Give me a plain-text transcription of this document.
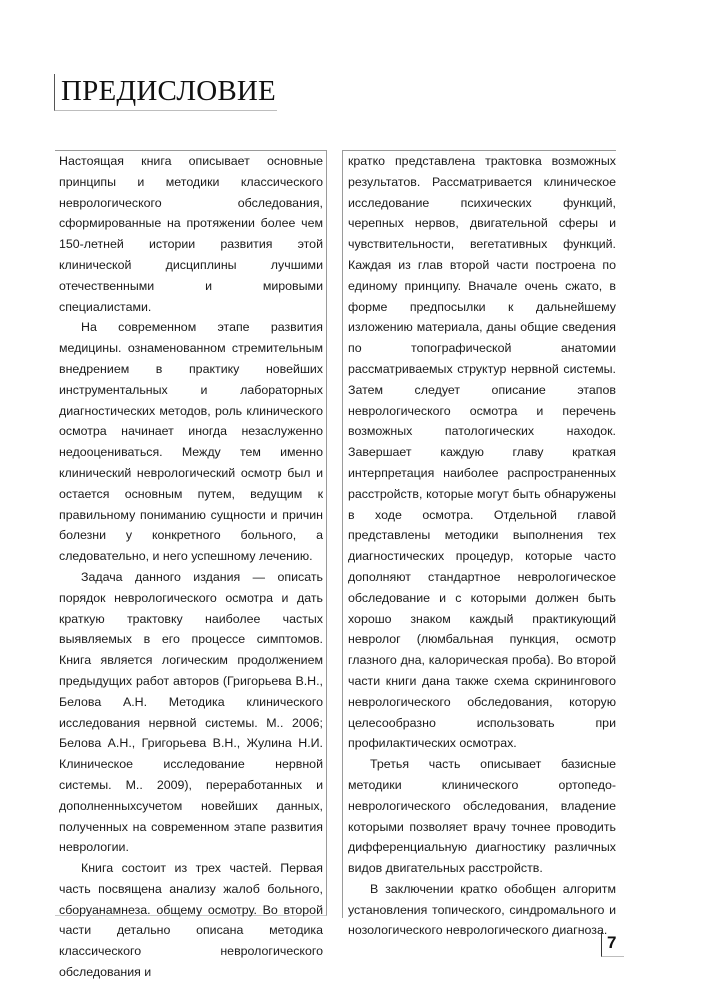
ПРЕДИСЛОВИЕ

Настоящая книга описывает основные принципы и методики классического неврологического обследования, сформированные на протяжении более чем 150-летней истории развития этой клинической дисциплины лучшими отечественными и мировыми специалистами.

На современном этапе развития медицины. ознаменованном стремительным внедрением в практику новейших инструментальных и лабораторных диагностических методов, роль клинического осмотра начинает иногда незаслуженно недооцениваться. Между тем именно клинический неврологический осмотр был и остается основным путем, ведущим к правильному пониманию сущности и причин болезни у конкретного больного, а следовательно, и него успешному лечению.

Задача данного издания — описать порядок неврологического осмотра и дать краткую трактовку наиболее частых выявляемых в его процессе симптомов. Книга является логическим продолжением предыдущих работ авторов (Григорьева В.Н., Белова А.Н. Методика клинического исследования нервной системы. М.. 2006; Белова А.Н., Григорьева В.Н., Жулина Н.И. Клиническое исследование нервной системы. М.. 2009), переработанных и дополненныхсучетом новейших данных, полученных на современном этапе развития неврологии.

Книга состоит из трех частей. Первая часть посвящена анализу жалоб больного, сборуанамнеза. общему осмотру. Во второй части детально описана методика классического неврологического обследования и

кратко представлена трактовка возможных результатов. Рассматривается клиническое исследование психических функций, черепных нервов, двигательной сферы и чувствительности, вегетативных функций. Каждая из глав второй части построена по единому принципу. Вначале очень сжато, в форме предпосылки к дальнейшему изложению материала, даны общие сведения по топографической анатомии рассматриваемых структур нервной системы. Затем следует описание этапов неврологического осмотра и перечень возможных патологических находок. Завершает каждую главу краткая интерпретация наиболее распространенных расстройств, которые могут быть обнаружены в ходе осмотра. Отдельной главой представлены методики выполнения тех диагностических процедур, которые часто дополняют стандартное неврологическое обследование и с которыми должен быть хорошо знаком каждый практикующий невролог (люмбальная пункция, осмотр глазного дна, калорическая проба). Во второй части книги дана также схема скринингового неврологического обследования, которую целесообразно использовать при профилактических осмотрах.

Третья часть описывает базисные методики клинического ортопедо-неврологического обследования, владение которыми позволяет врачу точнее проводить дифференциальную диагностику различных видов двигательных расстройств.

В заключении кратко обобщен алгоритм установления топического, синдромального и нозологического неврологического диагноза.

7
